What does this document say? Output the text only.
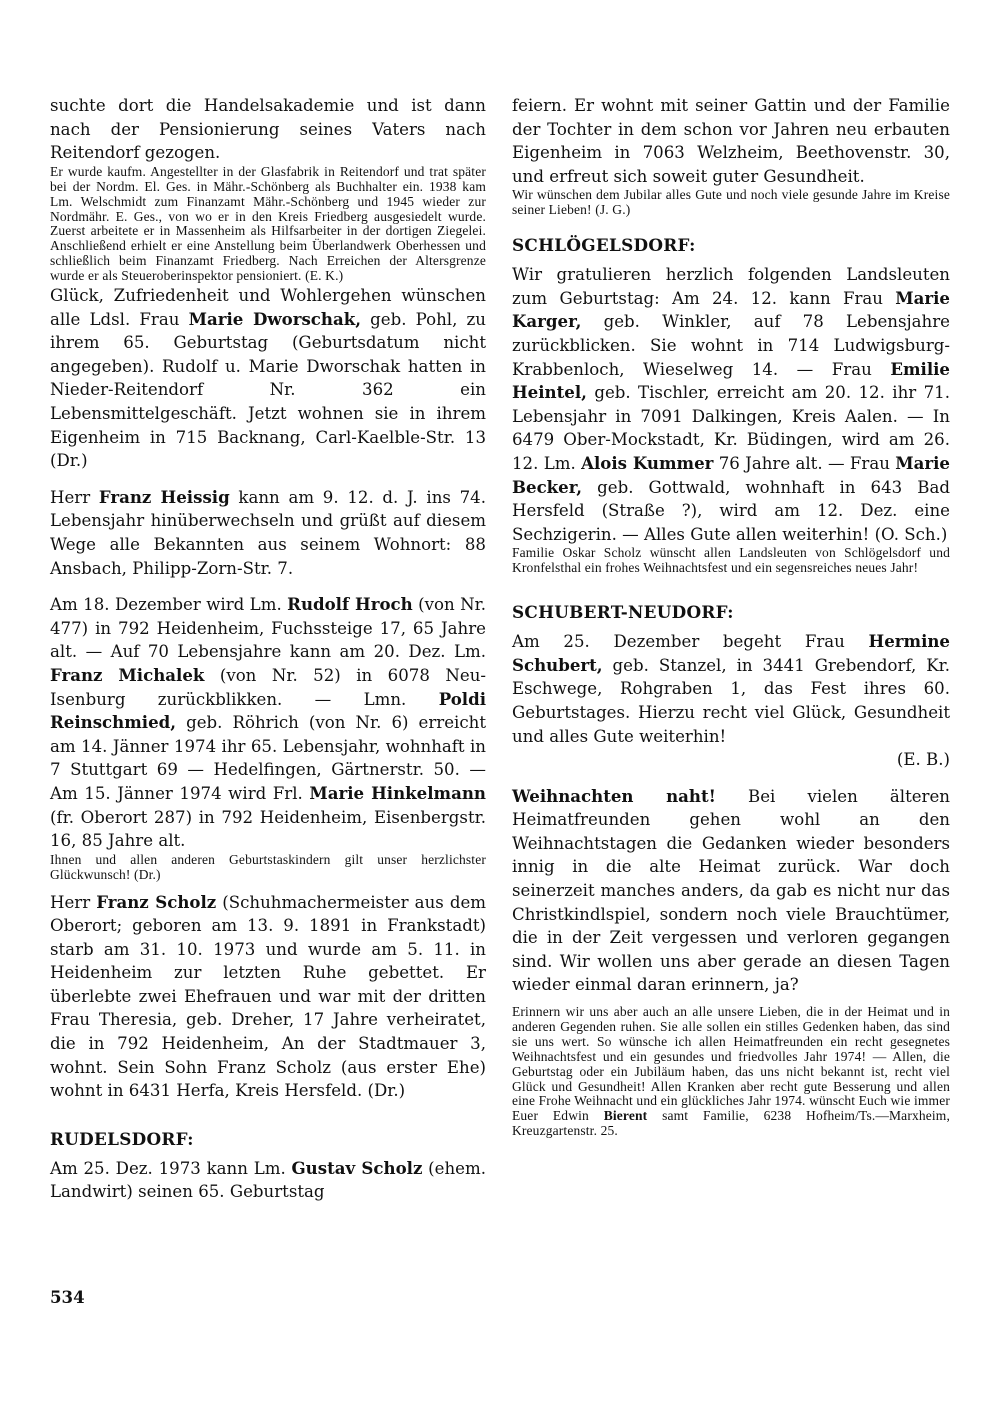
suchte dort die Handelsakademie und ist dann nach der Pensionierung seines Vaters nach Reitendorf gezogen.

Er wurde kaufm. Angestellter in der Glasfabrik in Reitendorf und trat später bei der Nordm. El. Ges. in Mähr.-Schönberg als Buchhalter ein. 1938 kam Lm. Welschmidt zum Finanzamt Mähr.-Schönberg und 1945 wieder zur Nordmähr. E. Ges., von wo er in den Kreis Friedberg ausgesiedelt wurde. Zuerst arbeitete er in Massenheim als Hilfsarbeiter in der dortigen Ziegelei. Anschließend erhielt er eine Anstellung beim Überlandwerk Oberhessen und schließlich beim Finanzamt Friedberg. Nach Erreichen der Altersgrenze wurde er als Steueroberinspektor pensioniert. (E. K.)

Glück, Zufriedenheit und Wohlergehen wünschen alle Ldsl. Frau Marie Dworschak, geb. Pohl, zu ihrem 65. Geburtstag (Geburtsdatum nicht angegeben). Rudolf u. Marie Dworschak hatten in Nieder-Reitendorf Nr. 362 ein Lebensmittelgeschäft. Jetzt wohnen sie in ihrem Eigenheim in 715 Backnang, Carl-Kaelble-Str. 13 (Dr.)

Herr Franz Heissig kann am 9. 12. d. J. ins 74. Lebensjahr hinüberwechseln und grüßt auf diesem Wege alle Bekannten aus seinem Wohnort: 88 Ansbach, Philipp-Zorn-Str. 7.

Am 18. Dezember wird Lm. Rudolf Hroch (von Nr. 477) in 792 Heidenheim, Fuchssteige 17, 65 Jahre alt. — Auf 70 Lebensjahre kann am 20. Dez. Lm. Franz Michalek (von Nr. 52) in 6078 Neu-Isenburg zurückblikken. — Lmn. Poldi Reinschmied, geb. Röhrich (von Nr. 6) erreicht am 14. Jänner 1974 ihr 65. Lebensjahr, wohnhaft in 7 Stuttgart 69 — Hedelfingen, Gärtnerstr. 50. — Am 15. Jänner 1974 wird Frl. Marie Hinkelmann (fr. Oberort 287) in 792 Heidenheim, Eisenbergstr. 16, 85 Jahre alt.

Ihnen und allen anderen Geburtstaskindern gilt unser herzlichster Glückwunsch! (Dr.)

Herr Franz Scholz (Schuhmachermeister aus dem Oberort; geboren am 13. 9. 1891 in Frankstadt) starb am 31. 10. 1973 und wurde am 5. 11. in Heidenheim zur letzten Ruhe gebettet. Er überlebte zwei Ehefrauen und war mit der dritten Frau Theresia, geb. Dreher, 17 Jahre verheiratet, die in 792 Heidenheim, An der Stadtmauer 3, wohnt. Sein Sohn Franz Scholz (aus erster Ehe) wohnt in 6431 Herfa, Kreis Hersfeld. (Dr.)

RUDELSDORF:

Am 25. Dez. 1973 kann Lm. Gustav Scholz (ehem. Landwirt) seinen 65. Geburtstag

feiern. Er wohnt mit seiner Gattin und der Familie der Tochter in dem schon vor Jahren neu erbauten Eigenheim in 7063 Welzheim, Beethovenstr. 30, und erfreut sich soweit guter Gesundheit.

Wir wünschen dem Jubilar alles Gute und noch viele gesunde Jahre im Kreise seiner Lieben! (J. G.)

SCHLÖGELSDORF:

Wir gratulieren herzlich folgenden Landsleuten zum Geburtstag: Am 24. 12. kann Frau Marie Karger, geb. Winkler, auf 78 Lebensjahre zurückblicken. Sie wohnt in 714 Ludwigsburg-Krabbenloch, Wieselweg 14. — Frau Emilie Heintel, geb. Tischler, erreicht am 20. 12. ihr 71. Lebensjahr in 7091 Dalkingen, Kreis Aalen. — In 6479 Ober-Mockstadt, Kr. Büdingen, wird am 26. 12. Lm. Alois Kummer 76 Jahre alt. — Frau Marie Becker, geb. Gottwald, wohnhaft in 643 Bad Hersfeld (Straße ?), wird am 12. Dez. eine Sechzigerin. — Alles Gute allen weiterhin! (O. Sch.)

Familie Oskar Scholz wünscht allen Landsleuten von Schlögelsdorf und Kronfelsthal ein frohes Weihnachtsfest und ein segensreiches neues Jahr!

SCHUBERT-NEUDORF:

Am 25. Dezember begeht Frau Hermine Schubert, geb. Stanzel, in 3441 Grebendorf, Kr. Eschwege, Rohgraben 1, das Fest ihres 60. Geburtstages. Hierzu recht viel Glück, Gesundheit und alles Gute weiterhin!

(E. B.)

Weihnachten naht! Bei vielen älteren Heimatfreunden gehen wohl an den Weihnachtstagen die Gedanken wieder besonders innig in die alte Heimat zurück. War doch seinerzeit manches anders, da gab es nicht nur das Christkindlspiel, sondern noch viele Brauchtümer, die in der Zeit vergessen und verloren gegangen sind. Wir wollen uns aber gerade an diesen Tagen wieder einmal daran erinnern, ja?

Erinnern wir uns aber auch an alle unsere Lieben, die in der Heimat und in anderen Gegenden ruhen. Sie alle sollen ein stilles Gedenken haben, das sind sie uns wert. So wünsche ich allen Heimatfreunden ein recht gesegnetes Weihnachtsfest und ein gesundes und friedvolles Jahr 1974! — Allen, die Geburtstag oder ein Jubiläum haben, das uns nicht bekannt ist, recht viel Glück und Gesundheit! Allen Kranken aber recht gute Besserung und allen eine Frohe Weihnacht und ein glückliches Jahr 1974. wünscht Euch wie immer Euer Edwin Bierent samt Familie, 6238 Hofheim/Ts.—Marxheim, Kreuzgartenstr. 25.

534
